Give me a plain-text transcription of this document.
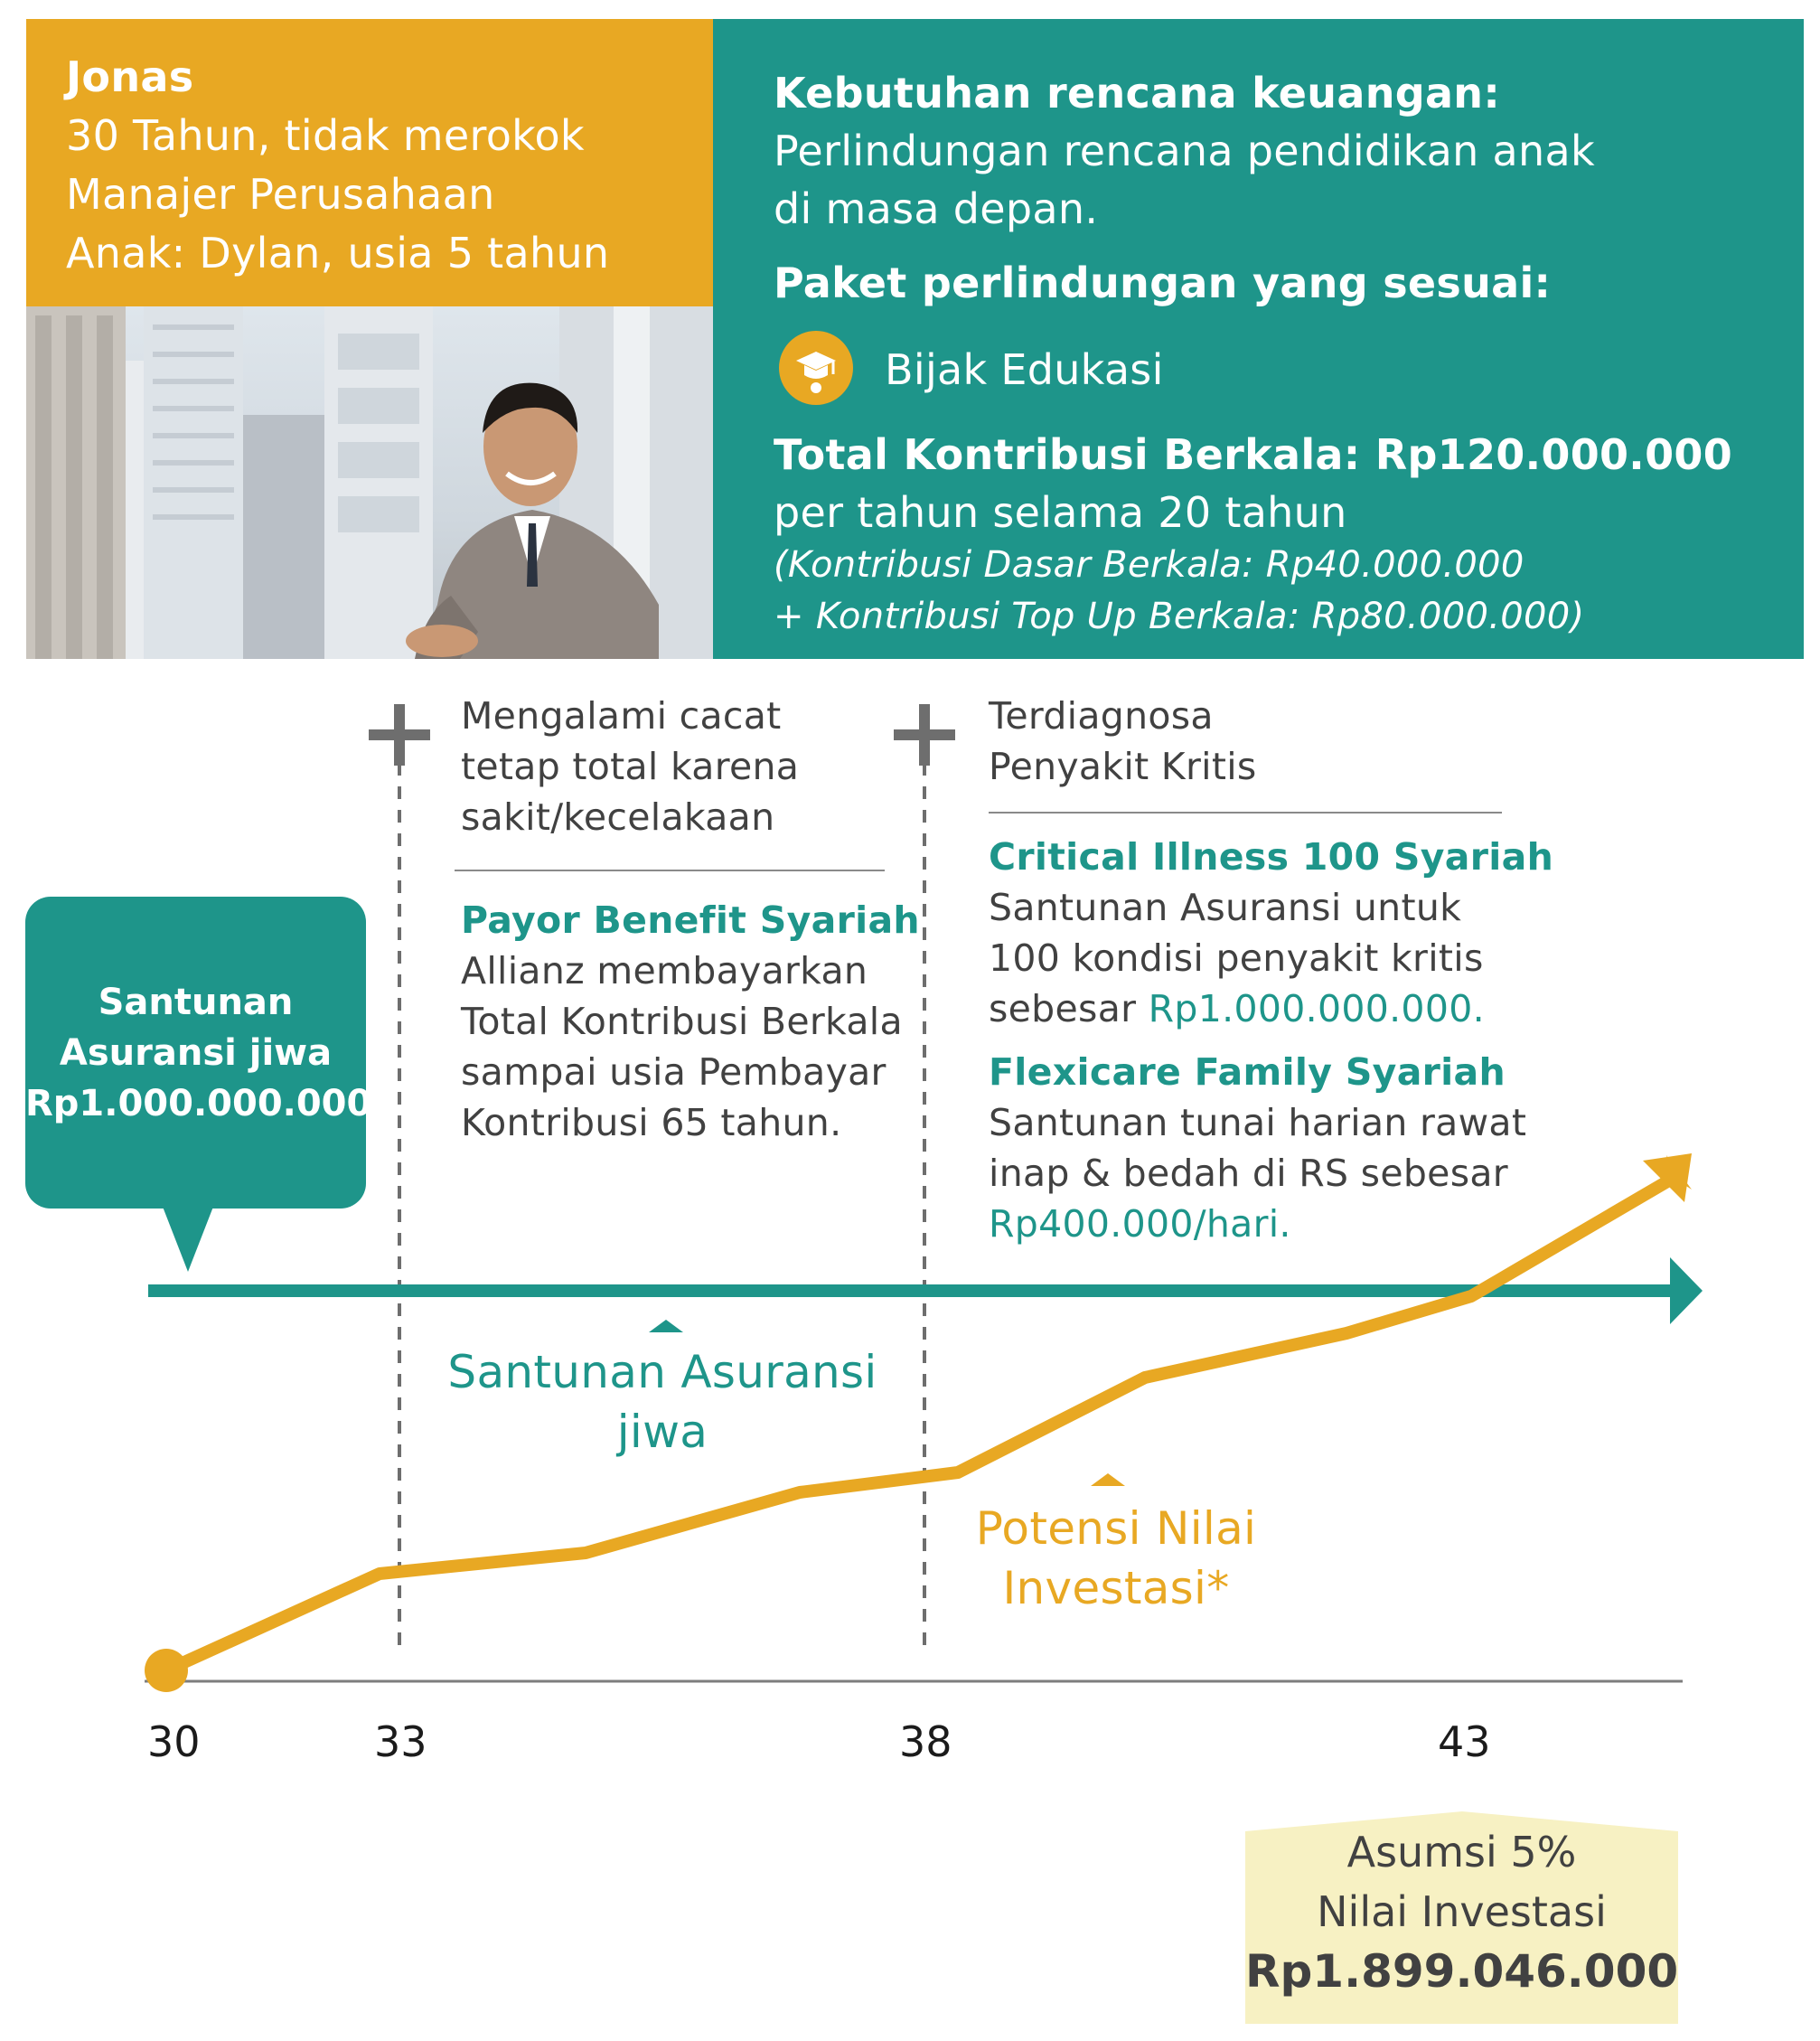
Jonas
30 Tahun, tidak merokok
Manajer Perusahaan
Anak: Dylan, usia 5 tahun
Kebutuhan rencana keuangan:
Perlindungan rencana pendidikan anak
di masa depan.
Paket perlindungan yang sesuai:
Bijak Edukasi
Total Kontribusi Berkala: Rp120.000.000
per tahun selama 20 tahun
(Kontribusi Dasar Berkala: Rp40.000.000
+ Kontribusi Top Up Berkala: Rp80.000.000)
Mengalami cacat
tetap total karena
sakit/kecelakaan
Payor Benefit Syariah
Allianz membayarkan
Total Kontribusi Berkala
sampai usia Pembayar
Kontribusi 65 tahun.
Terdiagnosa
Penyakit Kritis
Critical Illness 100 Syariah
Santunan Asuransi untuk
100 kondisi penyakit kritis
sebesar Rp1.000.000.000.
Flexicare Family Syariah
Santunan tunai harian rawat
inap & bedah di RS sebesar
Rp400.000/hari.
Santunan
Asuransi jiwa
Rp1.000.000.000
Santunan Asuransi
jiwa
Potensi Nilai
Investasi*
30	33	38	43
Asumsi 5%
Nilai Investasi
Rp1.899.046.000
